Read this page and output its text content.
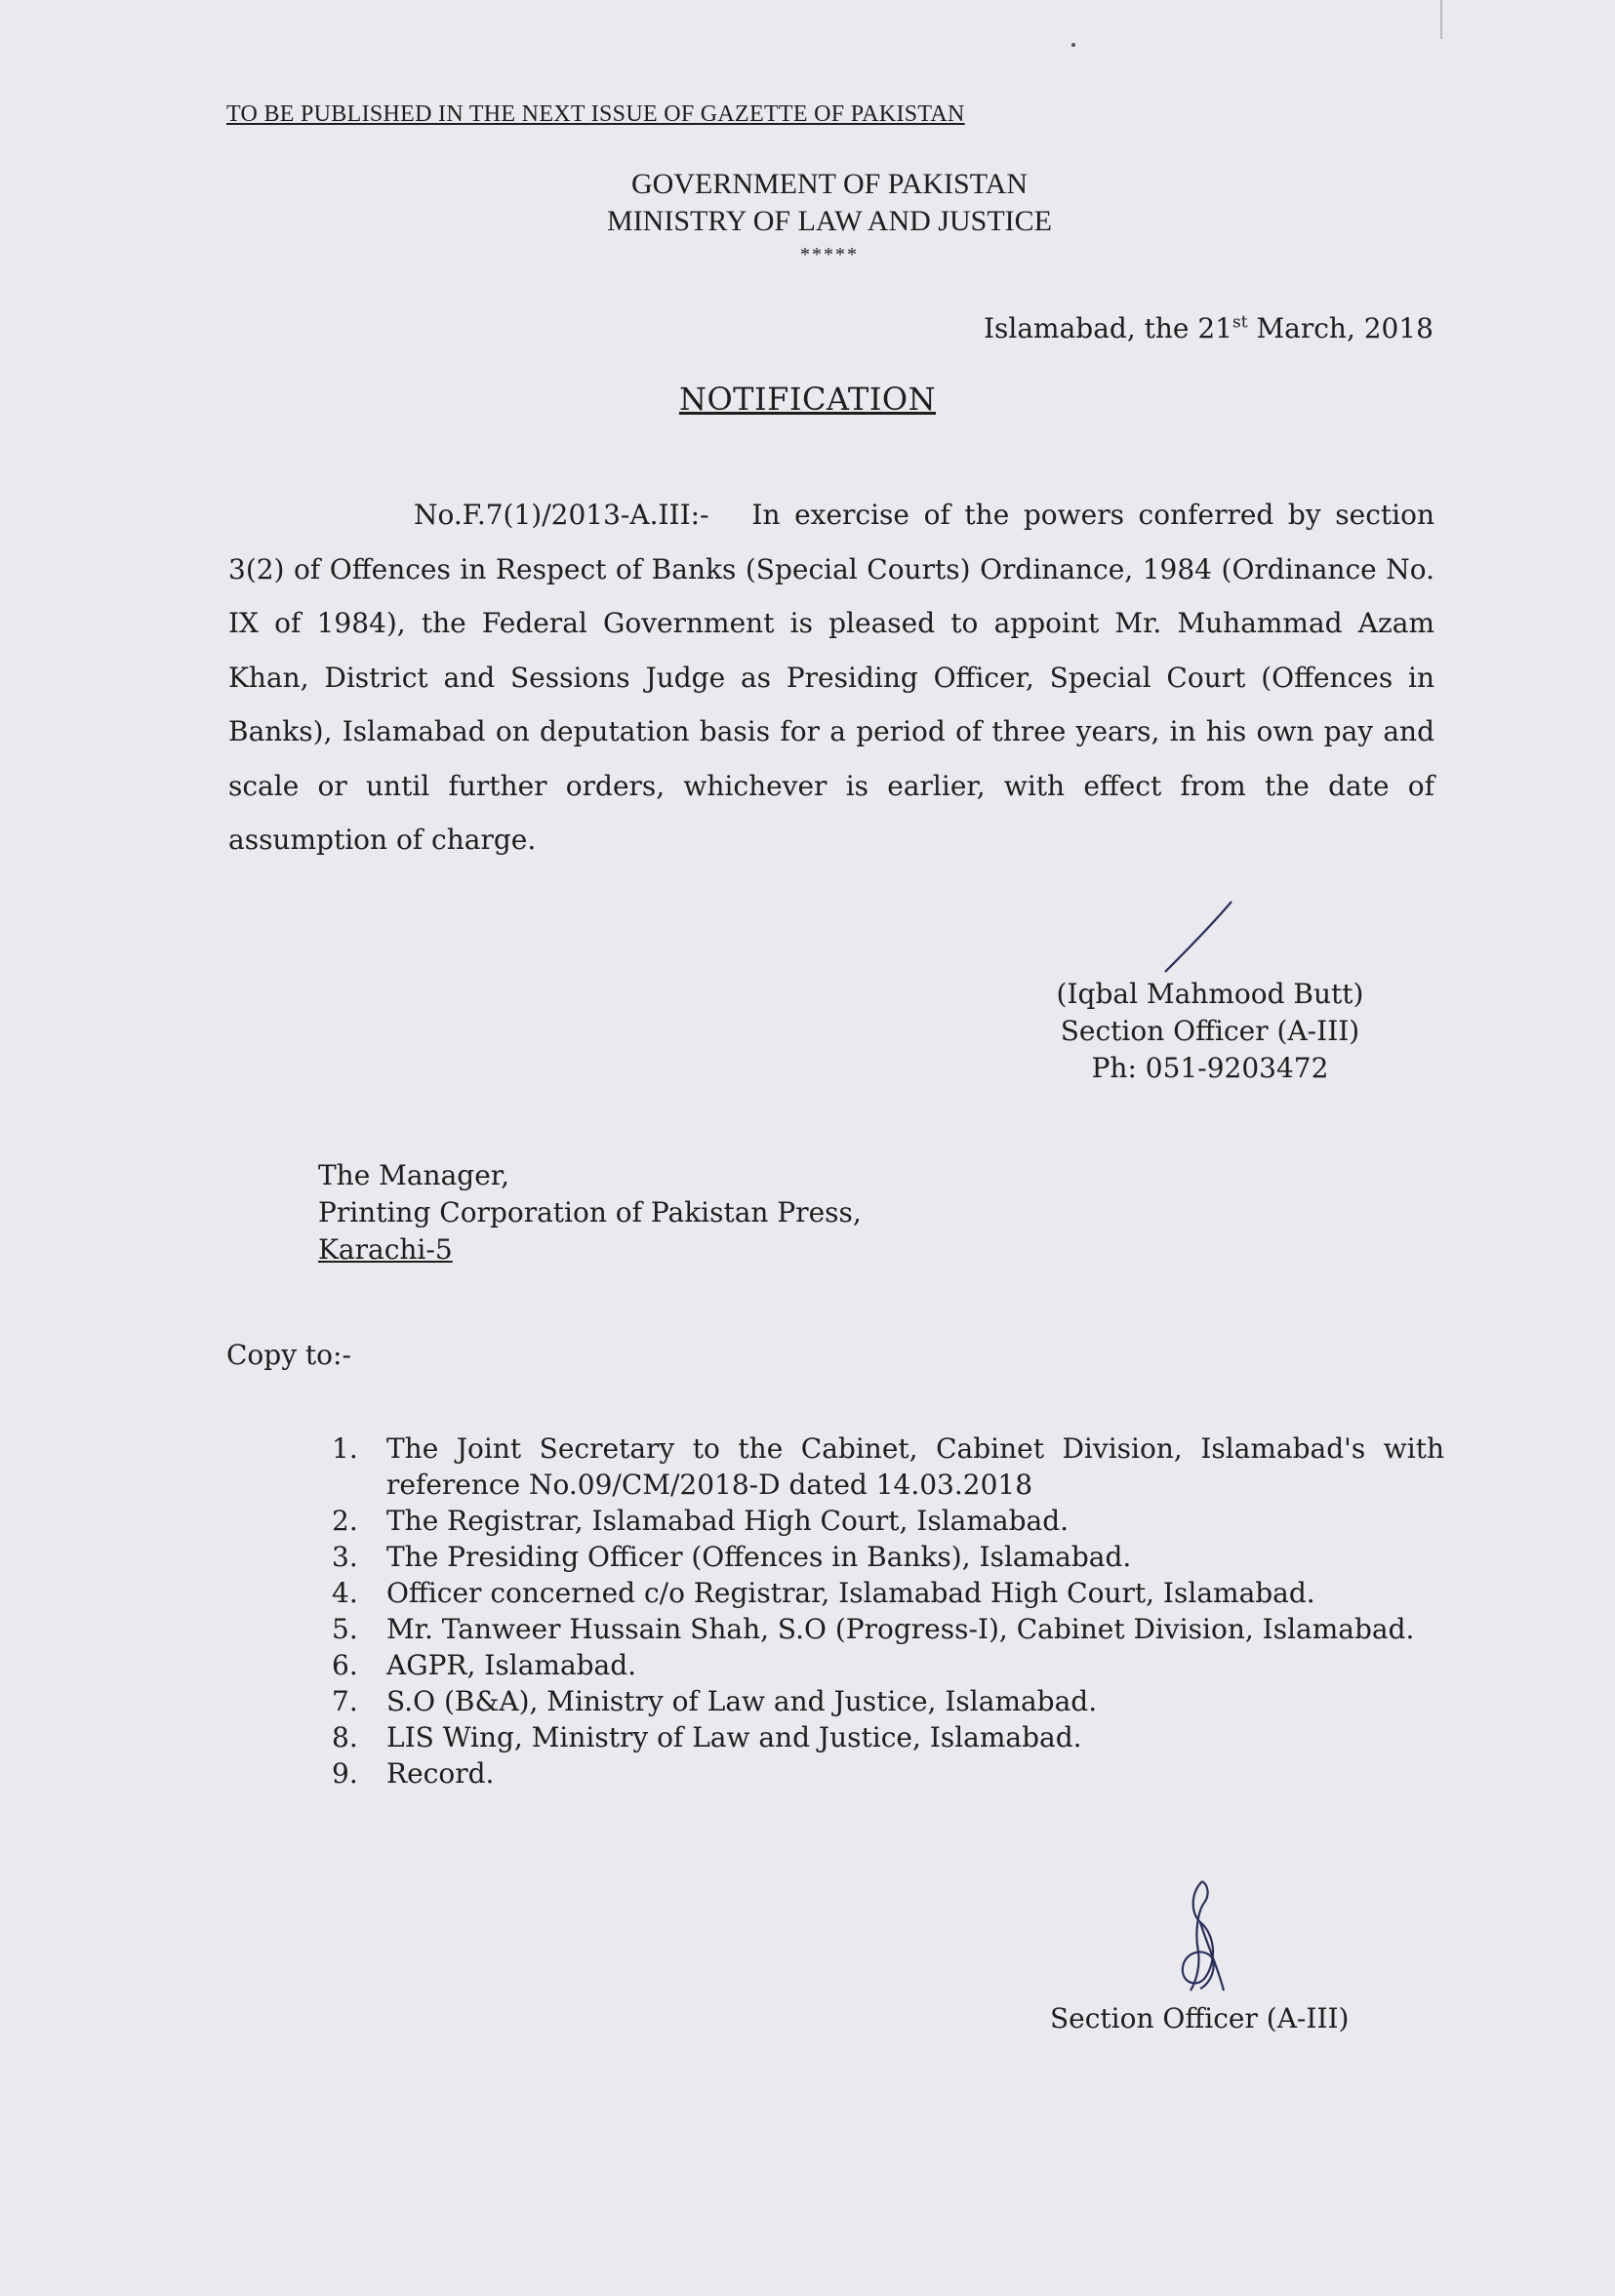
TO BE PUBLISHED IN THE NEXT ISSUE OF GAZETTE OF PAKISTAN
GOVERNMENT OF PAKISTAN
MINISTRY OF LAW AND JUSTICE
*****
Islamabad, the 21st March, 2018
NOTIFICATION
No.F.7(1)/2013-A.III:- In exercise of the powers conferred by section 3(2) of Offences in Respect of Banks (Special Courts) Ordinance, 1984 (Ordinance No. IX of 1984), the Federal Government is pleased to appoint Mr. Muhammad Azam Khan, District and Sessions Judge as Presiding Officer, Special Court (Offences in Banks), Islamabad on deputation basis for a period of three years, in his own pay and scale or until further orders, whichever is earlier, with effect from the date of assumption of charge.
(Iqbal Mahmood Butt)
Section Officer (A-III)
Ph: 051-9203472
The Manager,
Printing Corporation of Pakistan Press,
Karachi-5
Copy to:-
1.	The Joint Secretary to the Cabinet, Cabinet Division, Islamabad's with reference No.09/CM/2018-D dated 14.03.2018
2.	The Registrar, Islamabad High Court, Islamabad.
3.	The Presiding Officer (Offences in Banks), Islamabad.
4.	Officer concerned c/o Registrar, Islamabad High Court, Islamabad.
5.	Mr. Tanweer Hussain Shah, S.O (Progress-I), Cabinet Division, Islamabad.
6.	AGPR, Islamabad.
7.	S.O (B&A), Ministry of Law and Justice, Islamabad.
8.	LIS Wing, Ministry of Law and Justice, Islamabad.
9.	Record.
Section Officer (A-III)
